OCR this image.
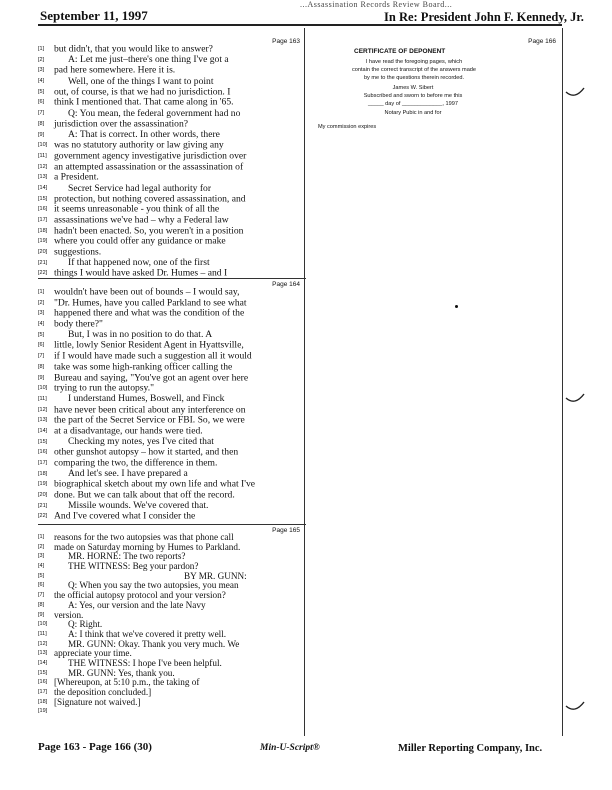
...Assassination Records Review Board...
September 11, 1997	In Re: President John F. Kennedy, Jr.
Page 163
[1] but didn't, that you would like to answer?
[2] A: Let me just–there's one thing I've got a
[3] pad here somewhere. Here it is.
[4] Well, one of the things I want to point
[5] out, of course, is that we had no jurisdiction. I
[6] think I mentioned that. That came along in '65.
[7] Q: You mean, the federal government had no
[8] jurisdiction over the assassination?
[9] A: That is correct. In other words, there
[10] was no statutory authority or law giving any
[11] government agency investigative jurisdiction over
[12] an attempted assassination or the assassination of
[13] a President.
[14] Secret Service had legal authority for
[15] protection, but nothing covered assassination, and
[16] it seems unreasonable - you think of all the
[17] assassinations we've had – why a Federal law
[18] hadn't been enacted. So, you weren't in a position
[19] where you could offer any guidance or make
[20] suggestions.
[21] If that happened now, one of the first
[22] things I would have asked Dr. Humes – and I
Page 164
[1] wouldn't have been out of bounds – I would say,
[2] "Dr. Humes, have you called Parkland to see what
[3] happened there and what was the condition of the
[4] body there?"
[5] But, I was in no position to do that. A
[6] little, lowly Senior Resident Agent in Hyattsville,
[7] if I would have made such a suggestion all it would
[8] take was some high-ranking officer calling the
[9] Bureau and saying, "You've got an agent over here
[10] trying to run the autopsy."
[11] I understand Humes, Boswell, and Finck
[12] have never been critical about any interference on
[13] the part of the Secret Service or FBI. So, we were
[14] at a disadvantage, our hands were tied.
[15] Checking my notes, yes I've cited that
[16] other gunshot autopsy – how it started, and then
[17] comparing the two, the difference in them.
[18] And let's see. I have prepared a
[19] biographical sketch about my own life and what I've
[20] done. But we can talk about that off the record.
[21] Missile wounds. We've covered that.
[22] And I've covered what I consider the
Page 165
[1] reasons for the two autopsies was that phone call
[2] made on Saturday morning by Humes to Parkland.
[3]	MR. HORNE: The two reports?
[4]	THE WITNESS: Beg your pardon?
[5]	BY MR. GUNN:
[6]	Q: When you say the two autopsies, you mean
[7] the official autopsy protocol and your version?
[8]	A: Yes, our version and the late Navy
[9] version.
[10] Q: Right.
[11] A: I think that we've covered it pretty well.
[12] MR. GUNN: Okay. Thank you very much. We
[13] appreciate your time.
[14] THE WITNESS: I hope I've been helpful.
[15] MR. GUNN: Yes, thank you.
[16] [Whereupon, at 5:10 p.m., the taking of
[17] the deposition concluded.]
[18] [Signature not waived.]
[19]
Page 166
CERTIFICATE OF DEPONENT
I have read the foregoing pages, which
contain the correct transcript of the answers made
by me to the questions therein recorded.
James W. Sibert
Subscribed and sworn to before me this
_____ day of _____________, 1997
Notary Pubic in and for
My commission expires
Page 163 - Page 166 (30)	Min-U-Script®	Miller Reporting Company, Inc.
